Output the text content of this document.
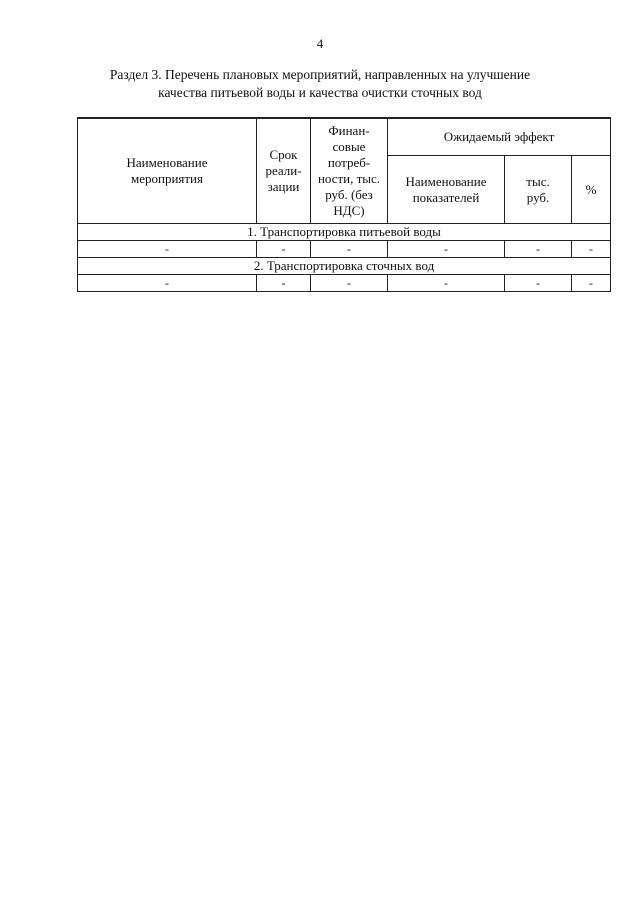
4
Раздел 3. Перечень плановых мероприятий, направленных на улучшение
качества питьевой воды и качества очистки сточных вод
Наименование мероприятия	Срок реали-зации	Финан-совые потреб-ности, тыс. руб. (без НДС)	Ожидаемый эффект		
			Наименование показателей	тыс. руб.	%
1. Транспортировка питьевой воды					
-	-	-	-	-	-
2. Транспортировка сточных вод					
-	-	-	-	-	-
